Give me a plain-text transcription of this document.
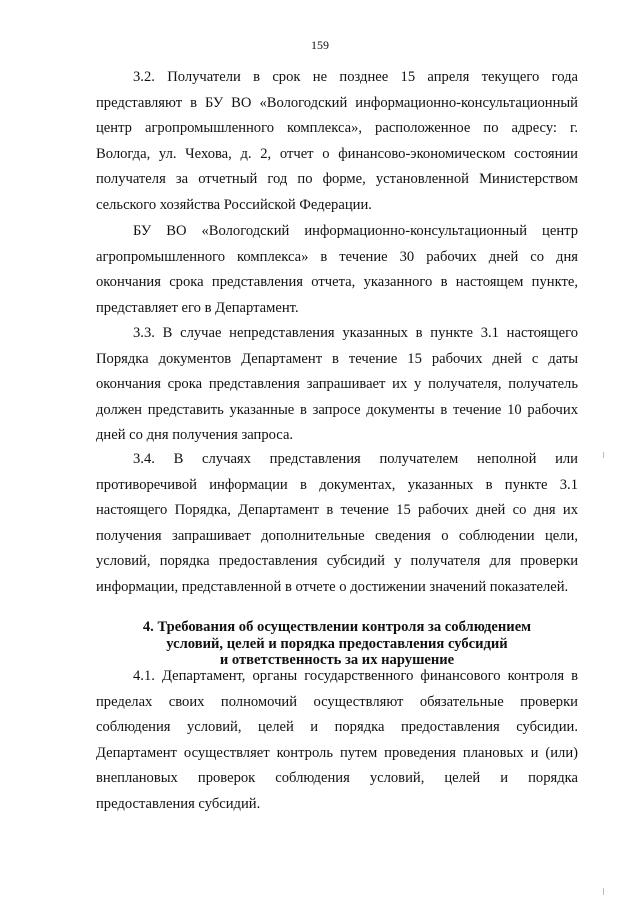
159

3.2. Получатели в срок не позднее 15 апреля текущего года представляют в БУ ВО «Вологодский информационно-консультационный центр агропромышленного комплекса», расположенное по адресу: г. Вологда, ул. Чехова, д. 2, отчет о финансово-экономическом состоянии получателя за отчетный год по форме, установленной Министерством сельского хозяйства Российской Федерации.

БУ ВО «Вологодский информационно-консультационный центр агропромышленного комплекса» в течение 30 рабочих дней со дня окончания срока представления отчета, указанного в настоящем пункте, представляет его в Департамент.

3.3. В случае непредставления указанных в пункте 3.1 настоящего Порядка документов Департамент в течение 15 рабочих дней с даты окончания срока представления запрашивает их у получателя, получатель должен представить указанные в запросе документы в течение 10 рабочих дней со дня получения запроса.

3.4. В случаях представления получателем неполной или противоречивой информации в документах, указанных в пункте 3.1 настоящего Порядка, Департамент в течение 15 рабочих дней со дня их получения запрашивает дополнительные сведения о соблюдении цели, условий, порядка предоставления субсидий у получателя для проверки информации, представленной в отчете о достижении значений показателей.

4. Требования об осуществлении контроля за соблюдением
условий, целей и порядка предоставления субсидий
и ответственность за их нарушение

4.1. Департамент, органы государственного финансового контроля в пределах своих полномочий осуществляют обязательные проверки соблюдения условий, целей и порядка предоставления субсидии. Департамент осуществляет контроль путем проведения плановых и (или) внеплановых проверок соблюдения условий, целей и порядка предоставления субсидий.
